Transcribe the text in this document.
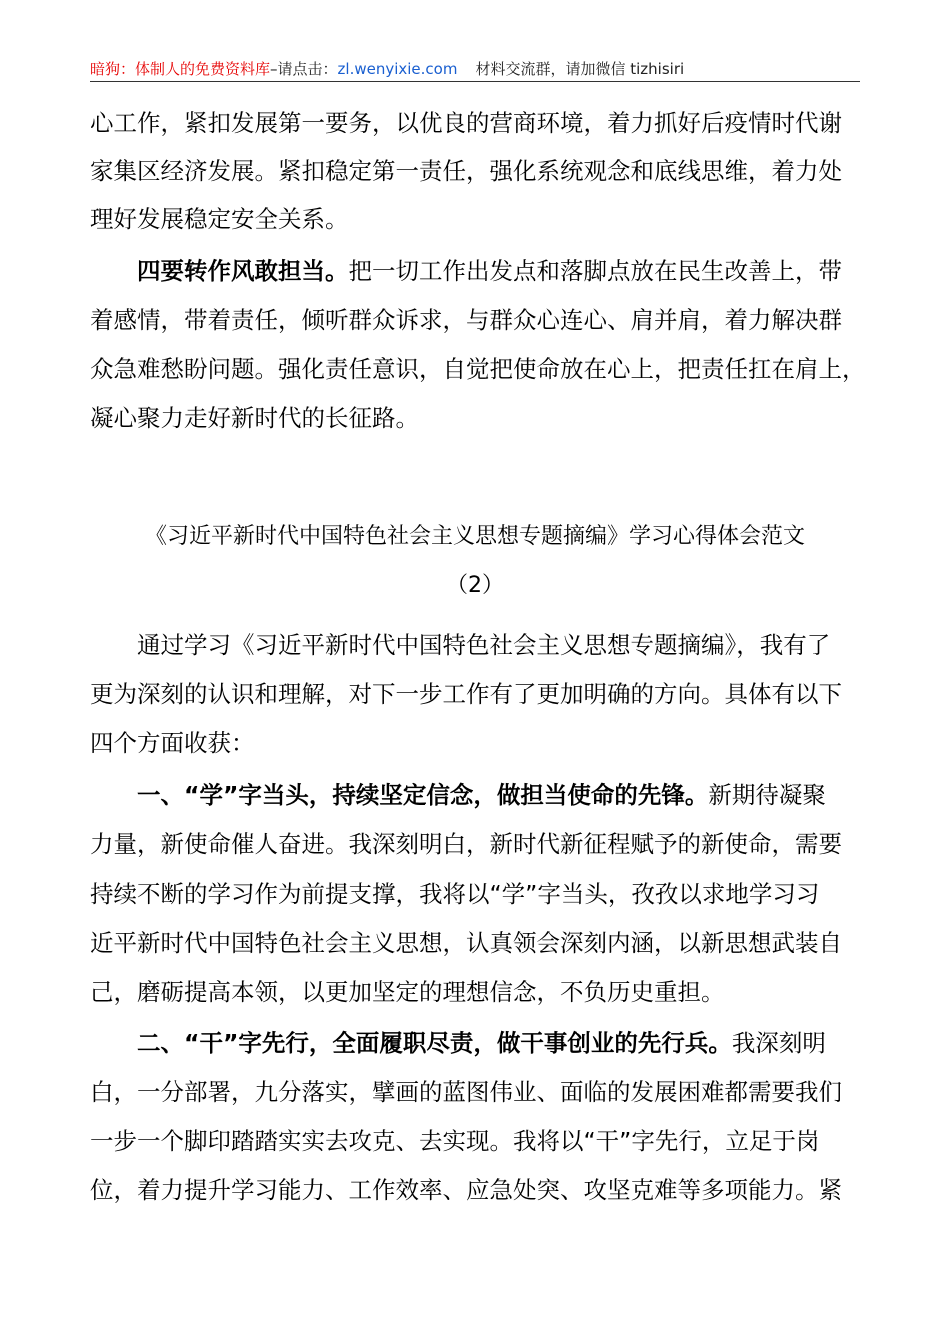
暗狗：体制人的免费资料库–请点击：zl.wenyixie.com 材料交流群，请加微信 tizhisiri
心工作，紧扣发展第一要务，以优良的营商环境，着力抓好后疫情时代谢
家集区经济发展。紧扣稳定第一责任，强化系统观念和底线思维，着力处
理好发展稳定安全关系。
四要转作风敢担当。把一切工作出发点和落脚点放在民生改善上，带
着感情，带着责任，倾听群众诉求，与群众心连心、肩并肩，着力解决群
众急难愁盼问题。强化责任意识，自觉把使命放在心上，把责任扛在肩上，
凝心聚力走好新时代的长征路。
《习近平新时代中国特色社会主义思想专题摘编》学习心得体会范文
（2）
通过学习《习近平新时代中国特色社会主义思想专题摘编》，我有了
更为深刻的认识和理解，对下一步工作有了更加明确的方向。具体有以下
四个方面收获：
一、“学”字当头，持续坚定信念，做担当使命的先锋。新期待凝聚
力量，新使命催人奋进。我深刻明白，新时代新征程赋予的新使命，需要
持续不断的学习作为前提支撑，我将以“学”字当头，孜孜以求地学习习
近平新时代中国特色社会主义思想，认真领会深刻内涵，以新思想武装自
己，磨砺提高本领，以更加坚定的理想信念，不负历史重担。
二、“干”字先行，全面履职尽责，做干事创业的先行兵。我深刻明
白，一分部署，九分落实，擘画的蓝图伟业、面临的发展困难都需要我们
一步一个脚印踏踏实实去攻克、去实现。我将以“干”字先行，立足于岗
位，着力提升学习能力、工作效率、应急处突、攻坚克难等多项能力。紧
